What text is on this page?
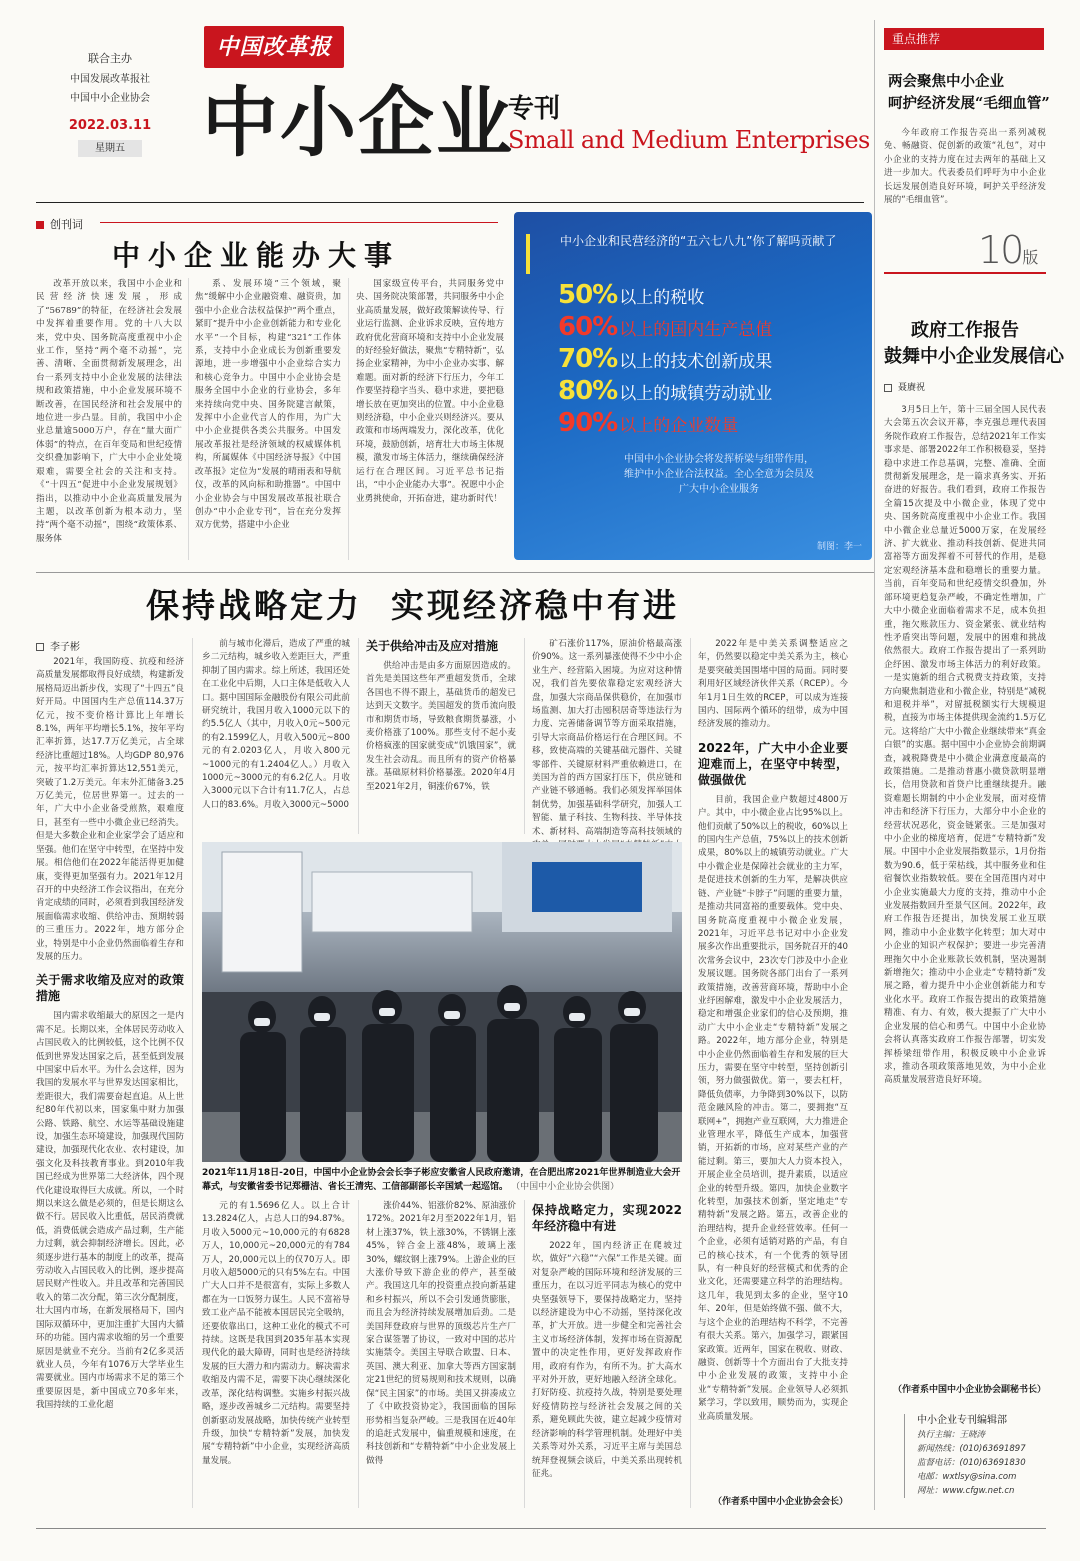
联合主办
中国发展改革报社
中国中小企业协会
2022.03.11
星期五
中国改革报
中小企业
专刊
Small and Medium Enterprises
重点推荐
两会聚焦中小企业
呵护经济发展“毛细血管”
今年政府工作报告亮出一系列减税免、畅融资、促创新的政策“礼包”，对中小企业的支持力度在过去两年的基础上又进一步加大。代表委员们呼吁为中小企业长远发展创造良好环境，呵护关乎经济发展的“毛细血管”。
10版
创刊词
中小企业能办大事
改革开放以来，我国中小企业和民营经济快速发展，形成了“56789”的特征，在经济社会发展中发挥着重要作用。党的十八大以来，党中央、国务院高度重视中小企业工作，坚持“两个毫不动摇”，完善、清晰、全面贯彻新发展理念，出台一系列支持中小企业发展的法律法规和政策措施，中小企业发展环境不断改善，在国民经济和社会发展中的地位进一步凸显。目前，我国中小企业总量逾5000万户，存在“量大面广体弱”的特点，在百年变局和世纪疫情交织叠加影响下，广大中小企业处境艰难，需要全社会的关注和支持。《“十四五”促进中小企业发展规划》指出，以推动中小企业高质量发展为主题，以改革创新为根本动力，坚持“两个毫不动摇”，围绕“政策体系、服务体
系、发展环境”三个领域，聚焦“缓解中小企业融资难、融资贵，加强中小企业合法权益保护”两个重点，紧盯“提升中小企业创新能力和专业化水平”一个目标，构建“321”工作体系，支持中小企业成长为创新重要发源地，进一步增强中小企业综合实力和核心竞争力。中国中小企业协会是服务全国中小企业的行业协会，多年来持续向党中央、国务院建言献策，发挥中小企业代言人的作用，为广大中小企业提供各类公共服务。中国发展改革报社是经济领域的权威媒体机构，所属媒体《中国经济导报》《中国改革报》定位为“发展的晴雨表和导航仪，改革的风向标和助推器”。中国中小企业协会与中国发展改革报社联合创办“中小企业专刊”，旨在充分发挥双方优势，搭建中小企业
国家级宣传平台，共同服务党中央、国务院决策部署，共同服务中小企业高质量发展，做好政策解读传导、行业运行监测、企业诉求反映，宣传地方政府优化营商环境和支持中小企业发展的好经验好做法，聚焦“专精特新”，弘扬企业家精神，为中小企业办实事、解难题。面对新的经济下行压力，今年工作要坚持稳字当头、稳中求进，要把稳增长放在更加突出的位置。中小企业稳则经济稳，中小企业兴则经济兴。要从政策和市场两端发力，深化改革，优化环境，鼓励创新，培育壮大市场主体规模，激发市场主体活力，继续确保经济运行在合理区间。习近平总书记指出，“中小企业能办大事”。祝愿中小企业勇挑使命，开拓奋进，建功新时代！
中小企业和民营经济的“五六七八九”你了解吗贡献了
50% 以上的税收
60% 以上的国内生产总值
70% 以上的技术创新成果
80% 以上的城镇劳动就业
90% 以上的企业数量
中国中小企业协会将发挥桥梁与纽带作用，
维护中小企业合法权益。全心全意为会员及
广大中小企业服务
制图：李一
保持战略定力  实现经济稳中有进
李子彬
2021年，我国防疫、抗疫和经济高质量发展都取得良好成绩，构建新发展格局迈出新步伐，实现了“十四五”良好开局。中国国内生产总值114.37万亿元，按不变价格计算比上年增长8.1%，两年平均增长5.1%，按年平均汇率折算，达17.7万亿美元，占全球经济比重超过18%。人均GDP 80,976元，按平均汇率折算达12,551美元，突破了1.2万美元。年末外汇储备3.25万亿美元，位居世界第一。过去的一年，广大中小企业备受煎熬，艰难度日，甚至有一些中小微企业已经消失。但是大多数企业和企业家学会了适应和坚强。他们在坚守中转型，在坚持中发展。相信他们在2022年能活得更加健康，变得更加坚强有力。2021年12月召开的中央经济工作会议指出，在充分肯定成绩的同时，必须看到我国经济发展面临需求收缩、供给冲击、预期转弱的三重压力。2022年，地方部分企业，特别是中小企业仍然面临着生存和发展的压力。
关于需求收缩及应对的政策措施
国内需求收缩最大的原因之一是内需不足。长期以来，全体居民劳动收入占国民收入的比例较低，这个比例不仅低到世界发达国家之后，甚至低到发展中国家中后水平。为什么会这样，因为我国的发展水平与世界发达国家相比，差距很大，我们需要奋起直追。从上世纪80年代初以来，国家集中财力加强公路、铁路、航空、水运等基础设施建设，加强生态环境建设，加强现代国防建设，加强现代化农业、农村建设，加强文化及科技教育事业。到2010年我国已经成为世界第二大经济体，四个现代化建设取得巨大成就。所以，一个时期以来这么做是必须的，但是长期这么做不行。居民收入比重低，居民消费就低，消费低就会造成产品过剩，生产能力过剩，就会抑制经济增长。因此，必须逐步进行基本的制度上的改革，提高劳动收入占国民收入的比例，逐步提高居民财产性收入。并且改革和完善国民收入的第二次分配，第三次分配制度，壮大国内市场，在新发展格局下，国内国际双循环中，更加注重扩大国内大循环的功能。国内需求收缩的另一个重要原因是就业不充分。当前有2亿多灵活就业人员，今年有1076万大学毕业生需要就业。国内市场需求不足的第三个重要原因是，新中国成立70多年来，我国持续的工业化超
前与城市化滞后，造成了严重的城乡二元结构，城乡收入差距巨大，严重抑制了国内需求。综上所述，我国还处在工业化中后期，人口主体是低收入人口。据中国国际金融股份有限公司此前研究统计，我国月收入1000元以下的约5.5亿人（其中，月收入0元~500元的有2.1599亿人，月收入500元~800元的有2.0203亿人，月收入800元~1000元的有1.2404亿人。）月收入1000元~3000元的有6.2亿人。月收入3000元以下合计有11.7亿人，占总人口的83.6%。月收入3000元~5000
关于供给冲击及应对措施
供给冲击是由多方面原因造成的。首先是美国这些年严重超发货币，全球各国也不得不跟上，基础货币的超发已达到天文数字。美国超发的货币流向股市和期货市场，导致粮食期货暴涨，小麦价格涨了100%。那些支付不起小麦价格疯涨的国家就变成“饥饿国家”，就发生社会动乱。而且所有的资产价格暴涨。基础原材料价格暴涨。2020年4月至2021年2月，铜涨价67%，铁
矿石涨价117%，原油价格最高涨价90%。这一系列暴涨使得不少中小企业生产、经营陷入困境。为应对这种情况，我们首先要依靠稳定宏观经济大盘，加强大宗商品保供稳价，在加强市场监测、加大打击囤积居奇等违法行为力度、完善储备调节等方面采取措施，引导大宗商品价格运行在合理区间。不移，致使高端的关键基础元器件、关键零部件、关键原材料严重依赖进口，在美国为首的西方国家打压下，供应链和产业链不够通畅。我们必须发挥举国体制优势，加强基础科学研究，加强人工智能、量子科技、生物科技、半导体技术、新材料、高端制造等高科技领域的
2021年11月18日-20日，中国中小企业协会会长李子彬应安徽省人民政府邀请，在合肥出席2021年世界制造业大会开幕式，与安徽省委书记郑栅洁、省长王清宪、工信部副部长辛国斌一起巡馆。 （中国中小企业协会供图）
元的有1.5696亿人。以上合计13.2824亿人，占总人口的94.87%。月收入5000元~10,000元的有6828万人，10,000元~20,000元的有784万人，20,000元以上的仅70万人。即月收入超5000元的只有5%左右。中国广大人口并不是很富有，实际上多数人都在为一口饭努力谋生。人民不富裕导致工业产品不能被本国居民完全吸纳，还要依靠出口，这种工业化的模式不可持续。这既是我国到2035年基本实现现代化的最大障碍，同时也是经济持续发展的巨大潜力和内需动力。解决需求收缩及内需不足，需要下决心继续深化改革，深化结构调整。实施乡村振兴战略，逐步改善城乡二元结构。需要坚持创新驱动发展战略，加快传统产业转型升级，加快“专精特新”发展，加快发展“专精特新”中小企业，实现经济高质量发展。
涨价44%、铝涨价82%、原油涨价172%。2021年2月至2022年1月，铝材上涨37%，铁上涨30%，不锈钢上涨45%，锌合金上涨48%，玻璃上涨30%，螺纹钢上涨79%。上游企业的巨大涨价导致下游企业的停产，甚至破产。我国这几年的投资重点投向新基建和乡村振兴，所以不会引发通货膨胀，而且会为经济持续发展增加后劲。二是美国拜登政府与世界的顶级芯片生产厂家合谋签署了协议，一致对中国的芯片实施禁令。美国主导联合欧盟、日本、英国、澳大利亚、加拿大等西方国家制定21世纪的贸易规则和技术规则，以确保“民主国家”的市场。美国又拼凑成立了《中欧投资协定》，我国面临的国际形势相当复杂严峻。三是我国在近40年的追赶式发展中，偏重规模和速度，在科技创新和“专精特新”中小企业发展上做得
保持战略定力，实现2022年经济稳中有进
2022年，国内经济正在爬坡过坎，做好“六稳”“六保”工作是关键。面对复杂严峻的国际环境和经济发展的三重压力，在以习近平同志为核心的党中央坚强领导下，要保持战略定力，坚持以经济建设为中心不动摇，坚持深化改革，扩大开放。进一步健全和完善社会主义市场经济体制，发挥市场在资源配置中的决定性作用，更好发挥政府作用，政府有作为，有所不为。扩大高水平对外开放，更好地融入经济全球化。打好防疫、抗疫持久战，特别是要处理好疫情防控与经济社会发展之间的关系，避免顾此失彼，建立起减少疫情对经济影响的科学管理机制。处理好中美关系等对外关系，习近平主席与美国总统拜登视频会谈后，中美关系出现转机征兆。
2022年是中美关系调整适应之年，仍然要以稳定中美关系为主，核心是要突破美国围堵中国的局面。同时要利用好区域经济伙伴关系（RCEP）。今年1月1日生效的RCEP，可以成为连接国内、国际两个循环的纽带，成为中国经济发展的推动力。
2022年，广大中小企业要迎难而上，在坚守中转型，做强做优
目前，我国企业户数超过4800万户。其中，中小微企业占比95%以上。他们贡献了50%以上的税收，60%以上的国内生产总值，75%以上的技术创新成果，80%以上的城镇劳动就业。广大中小微企业是保障社会就业的主力军，是促进技术创新的生力军，是解决供应链、产业链“卡脖子”问题的重要力量，是推动共同富裕的重要载体。党中央、国务院高度重视中小微企业发展，2021年，习近平总书记对中小企业发展多次作出重要批示，国务院召开的40次常务会议中，23次专门涉及中小企业发展议题。国务院各部门出台了一系列政策措施，改善营商环境，帮助中小企业纾困解难，激发中小企业发展活力，稳定和增强企业家们的信心及预期，推动广大中小企业走“专精特新”发展之路。2022年，地方部分企业，特别是中小企业仍然面临着生存和发展的巨大压力，需要在坚守中转型，坚持创新引领，努力做强做优。第一，要去杠杆，降低负债率，力争降到30%以下，以防范金融风险的冲击。第二，要拥抱“互联网+”，拥抱产业互联网，大力推进企业管理水平，降低生产成本，加强营销，开拓新的市场，应对某些产业的产能过剩。第三，要加大人力资本投入，开展企业全员培训，提升素质，以适应企业的转型升级。第四，加快企业数字化转型，加强技术创新，坚定地走“专精特新”发展之路。第五，改善企业的治理结构，提升企业经营效率。任何一个企业，必须有适销对路的产品，有自己的核心技术，有一个优秀的领导团队，有一种良好的经营模式和优秀的企业文化，还需要建立科学的治理结构。这几年，我见到太多的企业，坚守10年、20年，但是始终做不强、做不大，与这个企业的治理结构不科学，不完善有很大关系。第六，加强学习，跟紧国家政策。近两年，国家在税收、财政、融资、创新等十个方面出台了大批支持中小企业发展的政策，支持中小企业“专精特新”发展。企业领导人必须抓紧学习，学以致用，顺势而为，实现企业高质量发展。
（作者系中国中小企业协会会长）
政府工作报告
鼓舞中小企业发展信心
聂賡祝
3月5日上午，第十三届全国人民代表大会第五次会议开幕，李克强总理代表国务院作政府工作报告，总结2021年工作实事求是、部署2022年工作积极稳妥，坚持稳中求进工作总基调，完整、准确、全面贯彻新发展理念，是一篇求真务实、开拓奋进的好报告。我们看到，政府工作报告全篇15次提及中小微企业，体现了党中央、国务院高度重视中小企业工作。我国中小微企业总量近5000万家，在发展经济、扩大就业、推动科技创新、促进共同富裕等方面发挥着不可替代的作用，是稳定宏观经济基本盘和稳增长的重要力量。当前，百年变局和世纪疫情交织叠加，外部环境更趋复杂严峻，不确定性增加，广大中小微企业面临着需求不足，成本负担重，拖欠账款压力、资金紧张、就业结构性矛盾突出等问题，发展中的困难和挑战依然很大。政府工作报告提出了一系列助企纾困、激发市场主体活力的利好政策。一是实施新的组合式税费支持政策，支持方向聚焦制造业和小微企业，特别是“减税和退税并举”，对留抵税额实行大规模退税，直接为市场主体提供现金流约1.5万亿元。这将给广大中小微企业继续带来“真金白银”的实惠。据中国中小企业协会前期调查，减税降费是中小微企业满意度最高的政策措施。二是推动普惠小微贷款明显增长，信用贷款和首贷户比重继续提升。融资难题长期制约中小企业发展，面对疫情冲击和经济下行压力，大部分中小企业的经营状况恶化，资金链紧张。三是加强对中小企业的梯度培育，促进“专精特新”发展。中国中小企业发展指数显示，1月份指数为90.6，低于荣枯线，其中服务业和住宿餐饮业指数较低。要在全国范围内对中小企业实施最大力度的支持，推动中小企业发展指数回升至景气区间。2022年，政府工作报告还提出，加快发展工业互联网，推动中小企业数字化转型；加大对中小企业的知识产权保护；要进一步完善清理拖欠中小企业账款长效机制，坚决遏制新增拖欠；推动中小企业走“专精特新”发展之路，着力提升中小企业创新能力和专业化水平。政府工作报告提出的政策措施精准、有力、有效，极大提振了广大中小企业发展的信心和勇气。中国中小企业协会将认真落实政府工作报告部署，切实发挥桥梁纽带作用，积极反映中小企业诉求，推动各项政策落地见效，为中小企业高质量发展营造良好环境。
（作者系中国中小企业协会副秘书长）
中小企业专刊编辑部
执行主编：王晓涛
新闻热线：(010)63691897
监督电话：(010)63691830
电邮：wxtlsy@sina.com
网址：www.cfgw.net.cn
